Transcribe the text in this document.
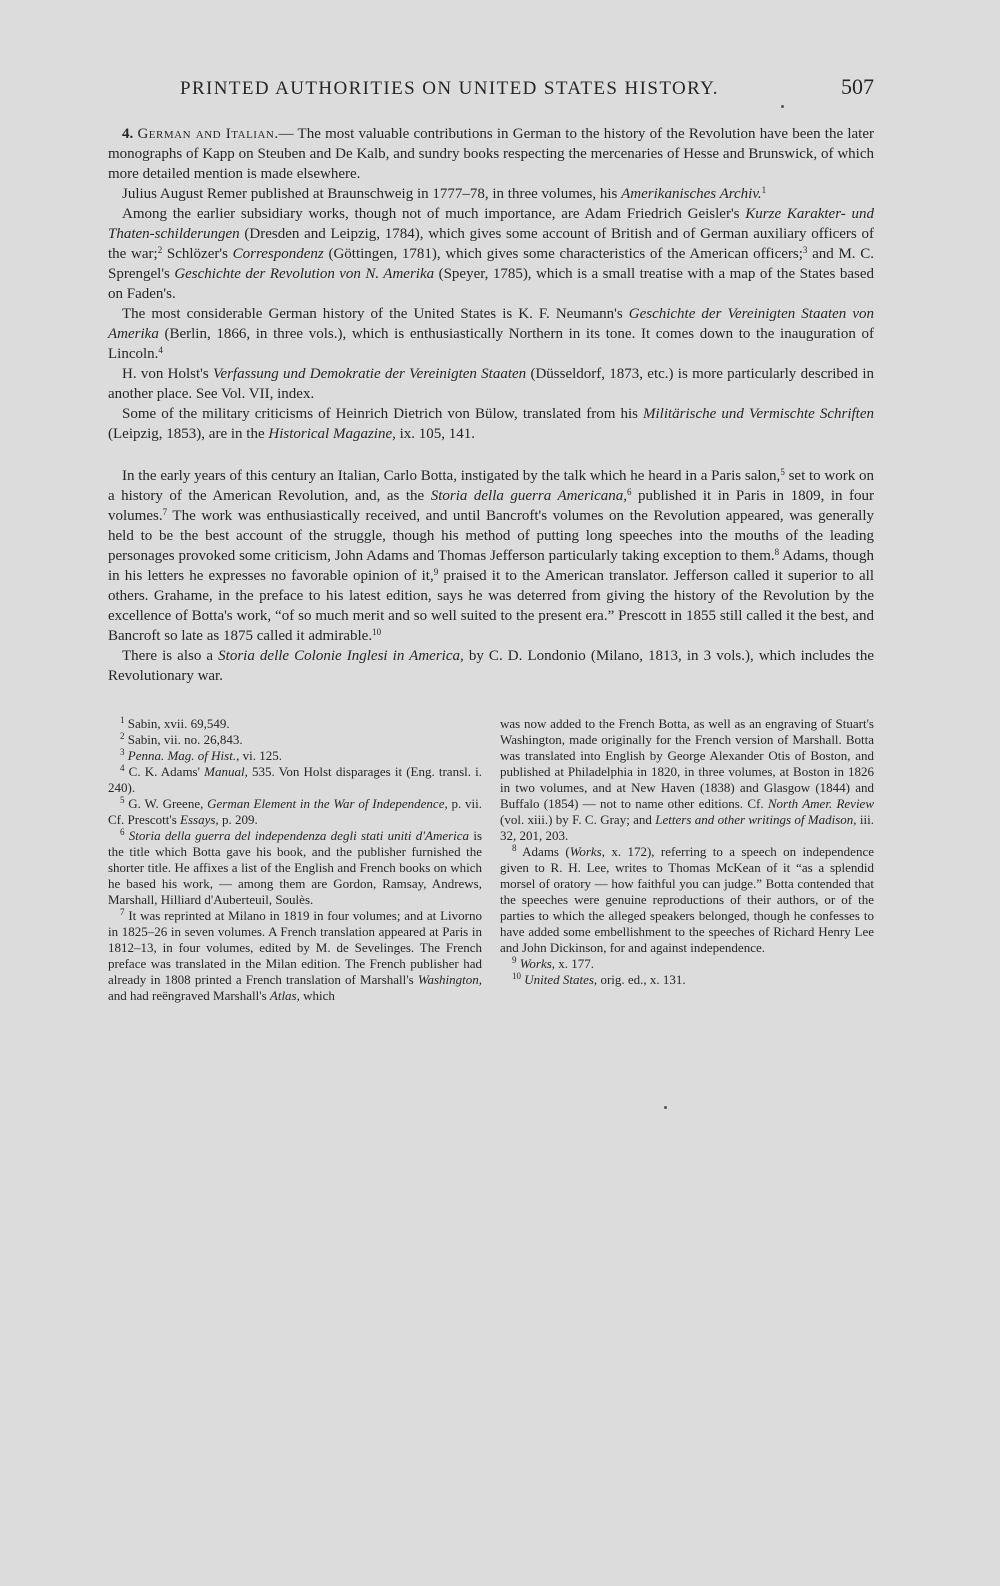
PRINTED AUTHORITIES ON UNITED STATES HISTORY.	507

4. German and Italian.— The most valuable contributions in German to the history of the Revolution have been the later monographs of Kapp on Steuben and De Kalb, and sundry books respecting the mercenaries of Hesse and Brunswick, of which more detailed mention is made elsewhere.

Julius August Remer published at Braunschweig in 1777–78, in three volumes, his Amerikanisches Archiv.$^1$

Among the earlier subsidiary works, though not of much importance, are Adam Friedrich Geisler's Kurze Karakter- und Thaten-schilderungen (Dresden and Leipzig, 1784), which gives some account of British and of German auxiliary officers of the war;$^2$ Schlözer's Correspondenz (Göttingen, 1781), which gives some characteristics of the American officers;$^3$ and M. C. Sprengel's Geschichte der Revolution von N. Amerika (Speyer, 1785), which is a small treatise with a map of the States based on Faden's.

The most considerable German history of the United States is K. F. Neumann's Geschichte der Vereinigten Staaten von Amerika (Berlin, 1866, in three vols.), which is enthusiastically Northern in its tone. It comes down to the inauguration of Lincoln.$^4$

H. von Holst's Verfassung und Demokratie der Vereinigten Staaten (Düsseldorf, 1873, etc.) is more particularly described in another place. See Vol. VII, index.

Some of the military criticisms of Heinrich Dietrich von Bülow, translated from his Militärische und Vermischte Schriften (Leipzig, 1853), are in the Historical Magazine, ix. 105, 141.

In the early years of this century an Italian, Carlo Botta, instigated by the talk which he heard in a Paris salon,$^5$ set to work on a history of the American Revolution, and, as the Storia della guerra Americana,$^6$ published it in Paris in 1809, in four volumes.$^7$ The work was enthusiastically received, and until Bancroft's volumes on the Revolution appeared, was generally held to be the best account of the struggle, though his method of putting long speeches into the mouths of the leading personages provoked some criticism, John Adams and Thomas Jefferson particularly taking exception to them.$^8$ Adams, though in his letters he expresses no favorable opinion of it,$^9$ praised it to the American translator. Jefferson called it superior to all others. Grahame, in the preface to his latest edition, says he was deterred from giving the history of the Revolution by the excellence of Botta's work, “of so much merit and so well suited to the present era.” Prescott in 1855 still called it the best, and Bancroft so late as 1875 called it admirable.$^{10}$

There is also a Storia delle Colonie Inglesi in America, by C. D. Londonio (Milano, 1813, in 3 vols.), which includes the Revolutionary war.

$^1$ Sabin, xvii. 69,549.

$^2$ Sabin, vii. no. 26,843.

$^3$ Penna. Mag. of Hist., vi. 125.

$^4$ C. K. Adams' Manual, 535. Von Holst disparages it (Eng. transl. i. 240).

$^5$ G. W. Greene, German Element in the War of Independence, p. vii. Cf. Prescott's Essays, p. 209.

$^6$ Storia della guerra del independenza degli stati uniti d'America is the title which Botta gave his book, and the publisher furnished the shorter title. He affixes a list of the English and French books on which he based his work, — among them are Gordon, Ramsay, Andrews, Marshall, Hilliard d'Auberteuil, Soulès.

$^7$ It was reprinted at Milano in 1819 in four volumes; and at Livorno in 1825–26 in seven volumes. A French translation appeared at Paris in 1812–13, in four volumes, edited by M. de Sevelinges. The French preface was translated in the Milan edition. The French publisher had already in 1808 printed a French translation of Marshall's Washington, and had reëngraved Marshall's Atlas, which

was now added to the French Botta, as well as an engraving of Stuart's Washington, made originally for the French version of Marshall. Botta was translated into English by George Alexander Otis of Boston, and published at Philadelphia in 1820, in three volumes, at Boston in 1826 in two volumes, and at New Haven (1838) and Glasgow (1844) and Buffalo (1854) — not to name other editions. Cf. North Amer. Review (vol. xiii.) by F. C. Gray; and Letters and other writings of Madison, iii. 32, 201, 203.

$^8$ Adams (Works, x. 172), referring to a speech on independence given to R. H. Lee, writes to Thomas McKean of it “as a splendid morsel of oratory — how faithful you can judge.” Botta contended that the speeches were genuine reproductions of their authors, or of the parties to which the alleged speakers belonged, though he confesses to have added some embellishment to the speeches of Richard Henry Lee and John Dickinson, for and against independence.

$^9$ Works, x. 177.

$^{10}$ United States, orig. ed., x. 131.
